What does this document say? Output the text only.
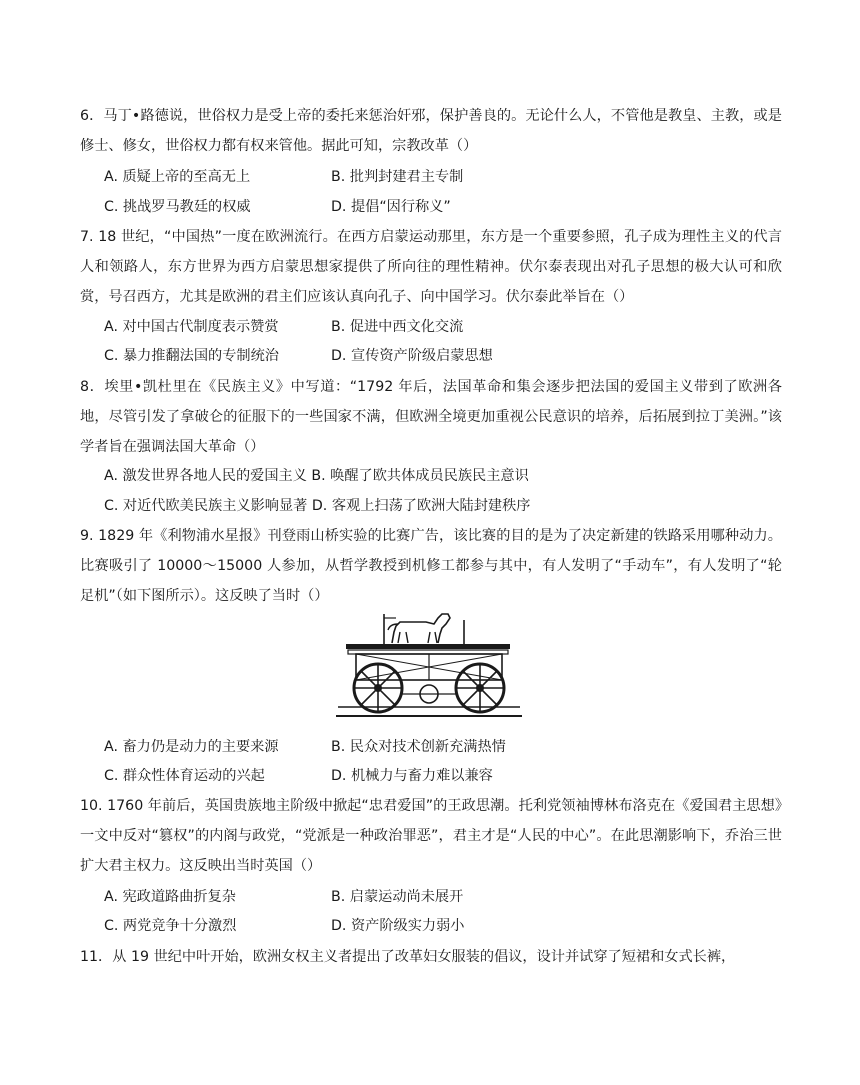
6．马丁•路德说，世俗权力是受上帝的委托来惩治奸邪，保护善良的。无论什么人，不管他是教皇、主教，或是修士、修女，世俗权力都有权来管他。据此可知，宗教改革（）
A. 质疑上帝的至高无上	B. 批判封建君主专制
C. 挑战罗马教廷的权威	D. 提倡“因行称义”
7. 18 世纪，“中国热”一度在欧洲流行。在西方启蒙运动那里，东方是一个重要参照，孔子成为理性主义的代言人和领路人，东方世界为西方启蒙思想家提供了所向往的理性精神。伏尔泰表现出对孔子思想的极大认可和欣赏，号召西方，尤其是欧洲的君主们应该认真向孔子、向中国学习。伏尔泰此举旨在（）
A. 对中国古代制度表示赞赏	B. 促进中西文化交流
C. 暴力推翻法国的专制统治	D. 宣传资产阶级启蒙思想
8．埃里•凯杜里在《民族主义》中写道：“1792 年后，法国革命和集会逐步把法国的爱国主义带到了欧洲各地，尽管引发了拿破仑的征服下的一些国家不满，但欧洲全境更加重视公民意识的培养，后拓展到拉丁美洲。”该学者旨在强调法国大革命（）
A. 激发世界各地人民的爱国主义 B. 唤醒了欧共体成员民族民主意识
C. 对近代欧美民族主义影响显著 D. 客观上扫荡了欧洲大陆封建秩序
9. 1829 年《利物浦水星报》刊登雨山桥实验的比赛广告，该比赛的目的是为了决定新建的铁路采用哪种动力。比赛吸引了 10000～15000 人参加，从哲学教授到机修工都参与其中，有人发明了“手动车”，有人发明了“轮足机”（如下图所示）。这反映了当时（）
A. 畜力仍是动力的主要来源	B. 民众对技术创新充满热情
C. 群众性体育运动的兴起	D. 机械力与畜力难以兼容
10. 1760 年前后，英国贵族地主阶级中掀起“忠君爱国”的王政思潮。托利党领袖博林布洛克在《爱国君主思想》一文中反对“篡权”的内阁与政党，“党派是一种政治罪恶”，君主才是“人民的中心”。在此思潮影响下，乔治三世扩大君主权力。这反映出当时英国（）
A. 宪政道路曲折复杂	B. 启蒙运动尚未展开
C. 两党竞争十分激烈	D. 资产阶级实力弱小
11．从 19 世纪中叶开始，欧洲女权主义者提出了改革妇女服装的倡议，设计并试穿了短裙和女式长裤，
